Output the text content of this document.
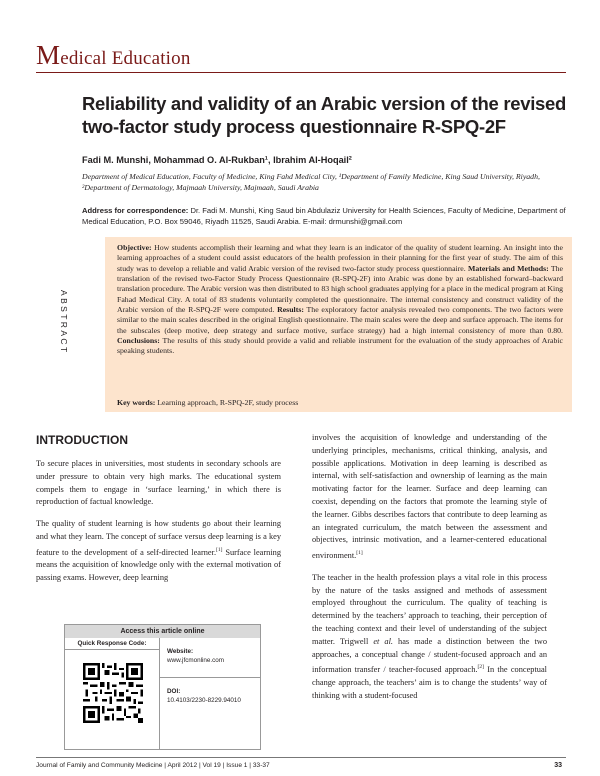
Medical Education
Reliability and validity of an Arabic version of the revised two-factor study process questionnaire R-SPQ-2F
Fadi M. Munshi, Mohammad O. Al-Rukban¹, Ibrahim Al-Hoqail²
Department of Medical Education, Faculty of Medicine, King Fahd Medical City, ¹Department of Family Medicine, King Saud University, Riyadh, ²Department of Dermatology, Majmaah University, Majmaah, Saudi Arabia
Address for correspondence: Dr. Fadi M. Munshi, King Saud bin Abdulaziz University for Health Sciences, Faculty of Medicine, Department of Medical Education, P.O. Box 59046, Riyadh 11525, Saudi Arabia. E-mail: drmunshi@gmail.com
ABSTRACT
Objective: How students accomplish their learning and what they learn is an indicator of the quality of student learning. An insight into the learning approaches of a student could assist educators of the health profession in their planning for the first year of study. The aim of this study was to develop a reliable and valid Arabic version of the revised two-factor study process questionnaire. Materials and Methods: The translation of the revised two-Factor Study Process Questionnaire (R-SPQ-2F) into Arabic was done by an established forward–backward translation procedure. The Arabic version was then distributed to 83 high school graduates applying for a place in the medical program at King Fahad Medical City. A total of 83 students voluntarily completed the questionnaire. The internal consistency and construct validity of the Arabic version of the R-SPQ-2F were computed. Results: The exploratory factor analysis revealed two components. The two factors were similar to the main scales described in the original English questionnaire. The main scales were the deep and surface approach. The items for the subscales (deep motive, deep strategy and surface motive, surface strategy) had a high internal consistency of more than 0.80. Conclusions: The results of this study should provide a valid and reliable instrument for the evaluation of the study approaches of Arabic speaking students.
Key words: Learning approach, R-SPQ-2F, study process
INTRODUCTION

To secure places in universities, most students in secondary schools are under pressure to obtain very high marks. The educational system compels them to engage in ‘surface learning,’ in which there is reproduction of factual knowledge.

The quality of student learning is how students go about their learning and what they learn. The concept of surface versus deep learning is a key feature to the development of a self-directed learner.[1] Surface learning means the acquisition of knowledge only with the external motivation of passing exams. However, deep learning

involves the acquisition of knowledge and understanding of the underlying principles, mechanisms, critical thinking, analysis, and possible applications. Motivation in deep learning is described as internal, with self-satisfaction and ownership of learning as the main motivating factor for the learner. Surface and deep learning can coexist, depending on the factors that promote the learning style of the learner. Gibbs describes factors that contribute to deep learning as an integrated curriculum, the match between the assessment and objectives, intrinsic motivation, and a learner-centered educational environment.[1]

The teacher in the health profession plays a vital role in this process by the nature of the tasks assigned and methods of assessment employed throughout the curriculum. The quality of teaching is determined by the teachers’ approach to teaching, their perception of the teaching context and their level of understanding of the subject matter. Trigwell et al. has made a distinction between the two approaches, a conceptual change / student-focused approach and an information transfer / teacher-focused approach.[2] In the conceptual change approach, the teachers’ aim is to change the students’ way of thinking with a student-focused

Access this article online
Quick Response Code:
Website:
www.jfcmonline.com
DOI:
10.4103/2230-8229.94010
Journal of Family and Community Medicine | April 2012 | Vol 19 | Issue 1 | 33-37	33
